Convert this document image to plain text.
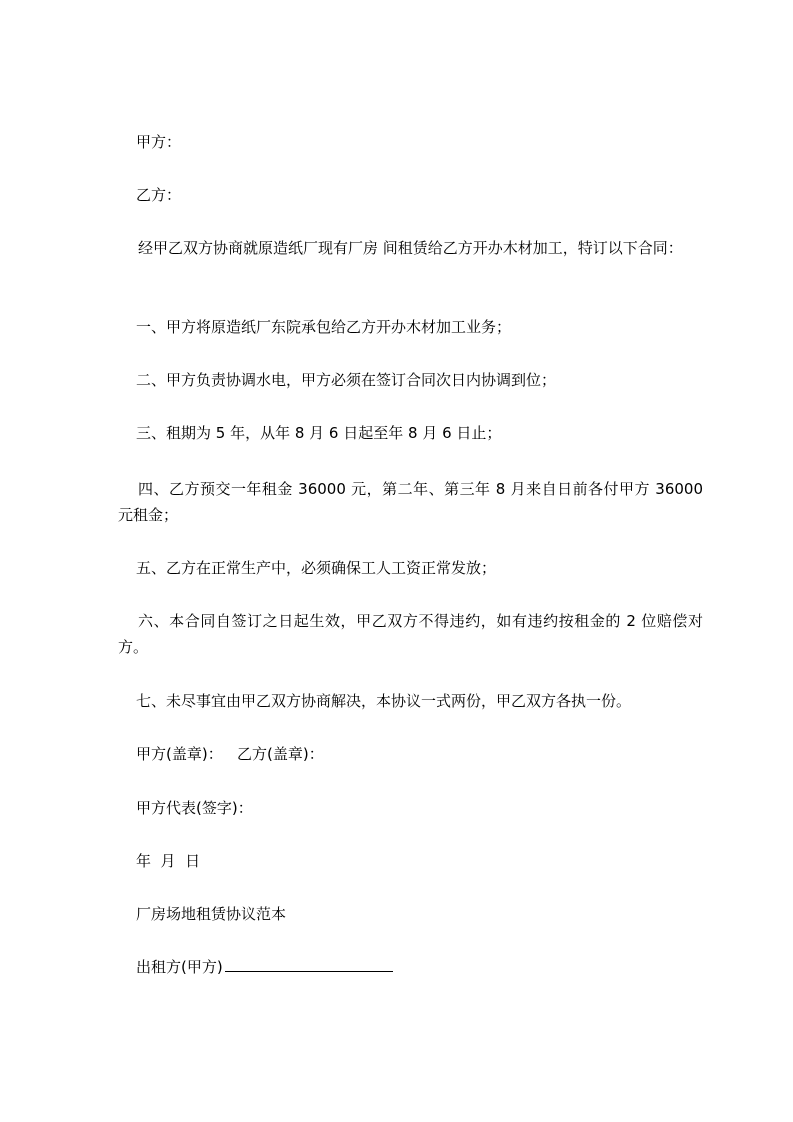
甲方：

乙方：

经甲乙双方协商就原造纸厂现有厂房 间租赁给乙方开办木材加工，特订以下合同：

一、甲方将原造纸厂东院承包给乙方开办木材加工业务；

二、甲方负责协调水电，甲方必须在签订合同次日内协调到位；

三、租期为 5 年，从年 8 月 6 日起至年 8 月 6 日止；

四、乙方预交一年租金 36000 元，第二年、第三年 8 月来自日前各付甲方 36000 元租金；

五、乙方在正常生产中，必须确保工人工资正常发放；

六、本合同自签订之日起生效，甲乙双方不得违约，如有违约按租金的 2 位赔偿对方。

七、未尽事宜由甲乙双方协商解决，本协议一式两份，甲乙双方各执一份。

甲方(盖章)：   乙方(盖章)：

甲方代表(签字)：

年  月  日

厂房场地租赁协议范本

出租方(甲方)
